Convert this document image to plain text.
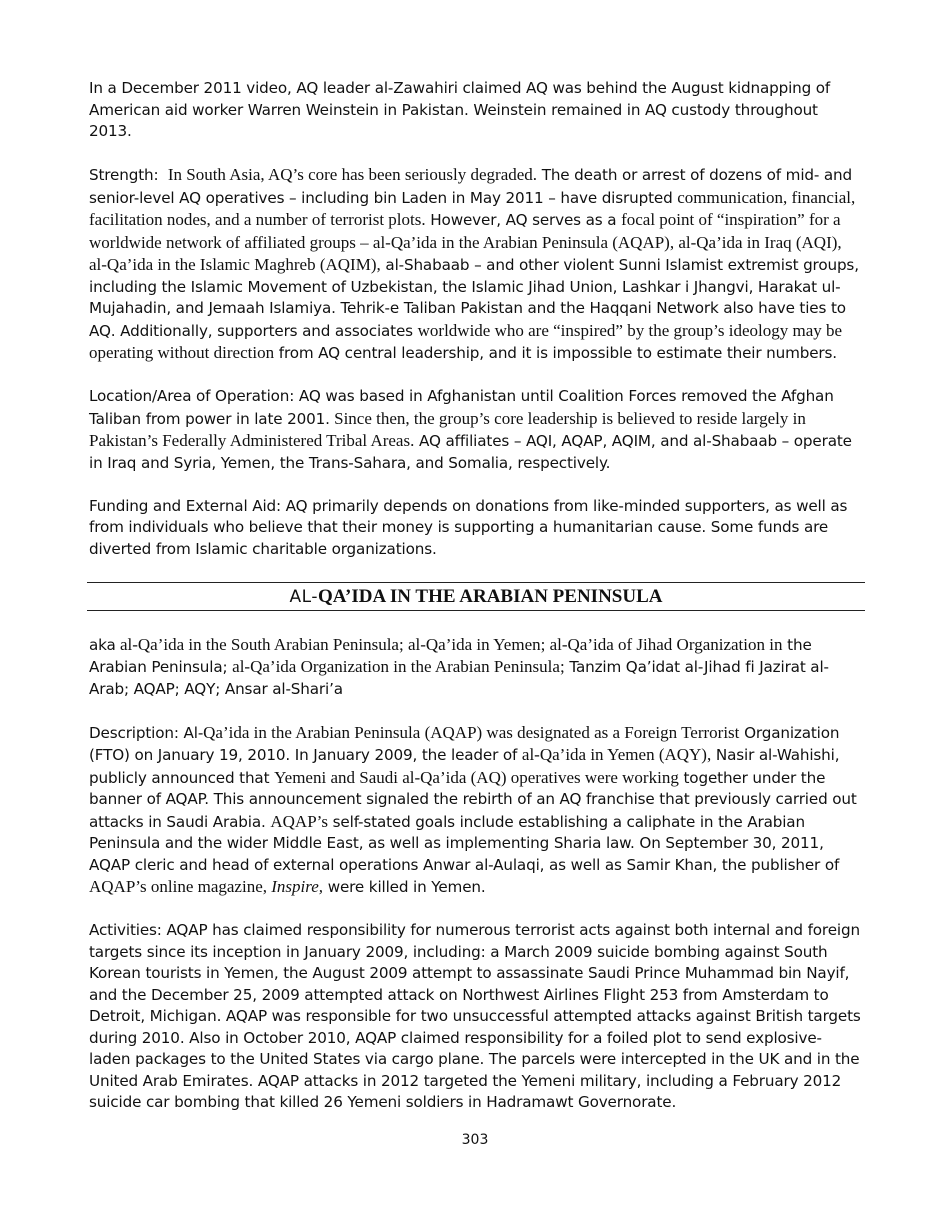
In a December 2011 video, AQ leader al-Zawahiri claimed AQ was behind the August kidnapping of American aid worker Warren Weinstein in Pakistan. Weinstein remained in AQ custody throughout 2013.

Strength: In South Asia, AQ’s core has been seriously degraded. The death or arrest of dozens of mid- and senior-level AQ operatives – including bin Laden in May 2011 – have disrupted communication, financial, facilitation nodes, and a number of terrorist plots. However, AQ serves as a focal point of “inspiration” for a worldwide network of affiliated groups – al-Qa’ida in the Arabian Peninsula (AQAP), al-Qa’ida in Iraq (AQI), al-Qa’ida in the Islamic Maghreb (AQIM), al-Shabaab – and other violent Sunni Islamist extremist groups, including the Islamic Movement of Uzbekistan, the Islamic Jihad Union, Lashkar i Jhangvi, Harakat ul-Mujahadin, and Jemaah Islamiya. Tehrik-e Taliban Pakistan and the Haqqani Network also have ties to AQ. Additionally, supporters and associates worldwide who are “inspired” by the group’s ideology may be operating without direction from AQ central leadership, and it is impossible to estimate their numbers.

Location/Area of Operation: AQ was based in Afghanistan until Coalition Forces removed the Afghan Taliban from power in late 2001. Since then, the group’s core leadership is believed to reside largely in Pakistan’s Federally Administered Tribal Areas. AQ affiliates – AQI, AQAP, AQIM, and al-Shabaab – operate in Iraq and Syria, Yemen, the Trans-Sahara, and Somalia, respectively.

Funding and External Aid: AQ primarily depends on donations from like-minded supporters, as well as from individuals who believe that their money is supporting a humanitarian cause. Some funds are diverted from Islamic charitable organizations.

AL-QA’IDA IN THE ARABIAN PENINSULA

aka al-Qa’ida in the South Arabian Peninsula; al-Qa’ida in Yemen; al-Qa’ida of Jihad Organization in the Arabian Peninsula; al-Qa’ida Organization in the Arabian Peninsula; Tanzim Qa’idat al-Jihad fi Jazirat al-Arab; AQAP; AQY; Ansar al-Shari’a

Description: Al-Qa’ida in the Arabian Peninsula (AQAP) was designated as a Foreign Terrorist Organization (FTO) on January 19, 2010. In January 2009, the leader of al-Qa’ida in Yemen (AQY), Nasir al-Wahishi, publicly announced that Yemeni and Saudi al-Qa’ida (AQ) operatives were working together under the banner of AQAP. This announcement signaled the rebirth of an AQ franchise that previously carried out attacks in Saudi Arabia. AQAP’s self-stated goals include establishing a caliphate in the Arabian Peninsula and the wider Middle East, as well as implementing Sharia law. On September 30, 2011, AQAP cleric and head of external operations Anwar al-Aulaqi, as well as Samir Khan, the publisher of AQAP’s online magazine, Inspire, were killed in Yemen.

Activities: AQAP has claimed responsibility for numerous terrorist acts against both internal and foreign targets since its inception in January 2009, including: a March 2009 suicide bombing against South Korean tourists in Yemen, the August 2009 attempt to assassinate Saudi Prince Muhammad bin Nayif, and the December 25, 2009 attempted attack on Northwest Airlines Flight 253 from Amsterdam to Detroit, Michigan. AQAP was responsible for two unsuccessful attempted attacks against British targets during 2010. Also in October 2010, AQAP claimed responsibility for a foiled plot to send explosive-laden packages to the United States via cargo plane. The parcels were intercepted in the UK and in the United Arab Emirates. AQAP attacks in 2012 targeted the Yemeni military, including a February 2012 suicide car bombing that killed 26 Yemeni soldiers in Hadramawt Governorate.

303
